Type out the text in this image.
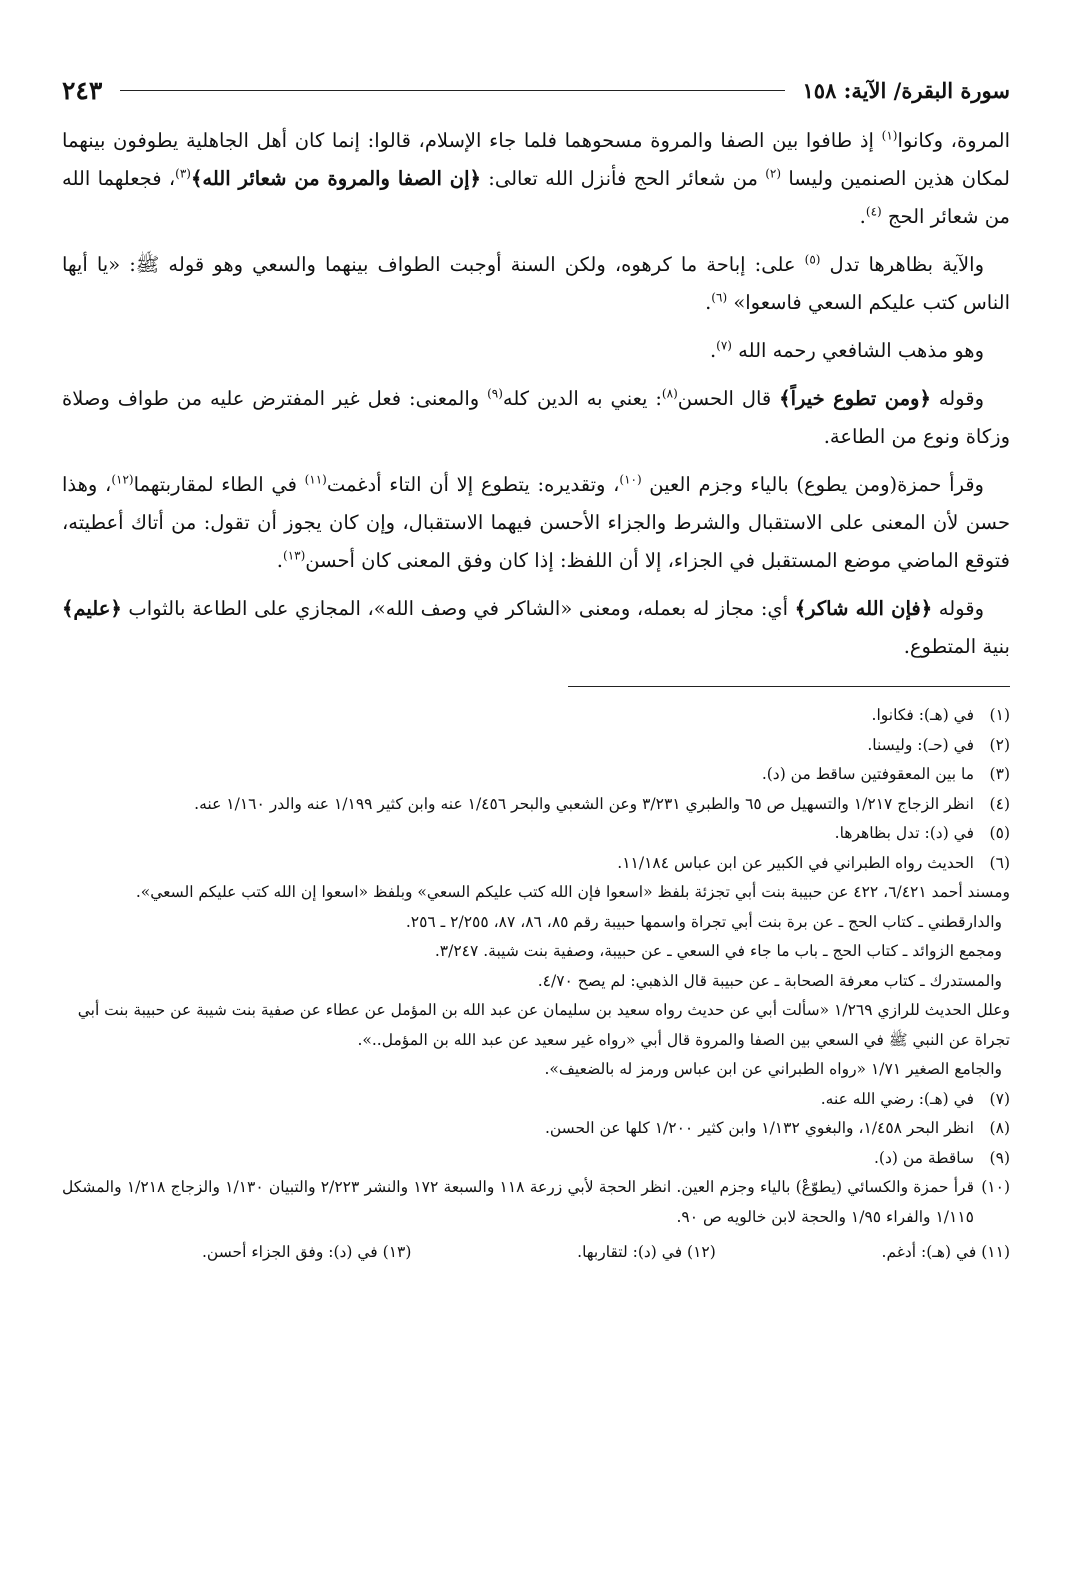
سورة البقرة/ الآية: ١٥٨
٢٤٣

المروة، وكانوا$^{(١)}$ إذ طافوا بين الصفا والمروة مسحوهما فلما جاء الإسلام، قالوا: إنما كان أهل الجاهلية يطوفون بينهما لمكان هذين الصنمين وليسا $^{(٢)}$ من شعائر الحج فأنزل الله تعالى: ﴿إن الصفا والمروة من شعائر الله﴾$^{(٣)}$، فجعلهما الله من شعائر الحج $^{(٤)}$.

والآية بظاهرها تدل $^{(٥)}$ على: إباحة ما كرهوه، ولكن السنة أوجبت الطواف بينهما والسعي وهو قوله ﷺ: «يا أيها الناس كتب عليكم السعي فاسعوا» $^{(٦)}$.

وهو مذهب الشافعي رحمه الله $^{(٧)}$.

وقوله ﴿ومن تطوع خيراً﴾ قال الحسن$^{(٨)}$: يعني به الدين كله$^{(٩)}$ والمعنى: فعل غير المفترض عليه من طواف وصلاة وزكاة ونوع من الطاعة.

وقرأ حمزة(ومن يطوع) بالياء وجزم العين $^{(١٠)}$، وتقديره: يتطوع إلا أن التاء أدغمت$^{(١١)}$ في الطاء لمقاربتهما$^{(١٢)}$، وهذا حسن لأن المعنى على الاستقبال والشرط والجزاء الأحسن فيهما الاستقبال، وإن كان يجوز أن تقول: من أتاك أعطيته، فتوقع الماضي موضع المستقبل في الجزاء، إلا أن اللفظ: إذا كان وفق المعنى كان أحسن$^{(١٣)}$.

وقوله ﴿فإن الله شاكر﴾ أي: مجاز له بعمله، ومعنى «الشاكر في وصف الله»، المجازي على الطاعة بالثواب ﴿عليم﴾ بنية المتطوع.

(١)
في (هـ): فكانوا.
(٢)
في (حـ): وليسنا.
(٣)
ما بين المعقوفتين ساقط من (د).
(٤)
انظر الزجاج ١/٢١٧ والتسهيل ص ٦٥ والطبري ٣/٢٣١ وعن الشعبي والبحر ١/٤٥٦ عنه وابن كثير ١/١٩٩ عنه والدر ١/١٦٠ عنه.
(٥)
في (د): تدل بظاهرها.
(٦)
الحديث رواه الطبراني في الكبير عن ابن عباس ١١/١٨٤.
ومسند أحمد ٦/٤٢١، ٤٢٢ عن حبيبة بنت أبي تجزئة بلفظ «اسعوا فإن الله كتب عليكم السعي» وبلفظ «اسعوا إن الله كتب عليكم السعي».
والدارقطني ـ كتاب الحج ـ عن برة بنت أبي تجراة واسمها حبيبة رقم ٨٥، ٨٦، ٨٧، ٢/٢٥٥ ـ ٢٥٦.
ومجمع الزوائد ـ كتاب الحج ـ باب ما جاء في السعي ـ عن حبيبة، وصفية بنت شيبة. ٣/٢٤٧.
والمستدرك ـ كتاب معرفة الصحابة ـ عن حبيبة قال الذهبي: لم يصح ٤/٧٠.
وعلل الحديث للرازي ١/٢٦٩ «سألت أبي عن حديث رواه سعيد بن سليمان عن عبد الله بن المؤمل عن عطاء عن صفية بنت شيبة عن حبيبة بنت أبي تجراة عن النبي ﷺ في السعي بين الصفا والمروة قال أبي «رواه غير سعيد عن عبد الله بن المؤمل..».
والجامع الصغير ١/٧١ «رواه الطبراني عن ابن عباس ورمز له بالضعيف».
(٧)
في (هـ): رضي الله عنه.
(٨)
انظر البحر ١/٤٥٨، والبغوي ١/١٣٢ وابن كثير ١/٢٠٠ كلها عن الحسن.
(٩)
ساقطة من (د).
(١٠)
قرأ حمزة والكسائي (يطوّعْ) بالياء وجزم العين. انظر الحجة لأبي زرعة ١١٨ والسبعة ١٧٢ والنشر ٢/٢٢٣ والتبيان ١/١٣٠ والزجاج ١/٢١٨ والمشكل ١/١١٥ والفراء ١/٩٥ والحجة لابن خالويه ص ٩٠.
(١١) في (هـ): أدغم.
(١٢) في (د): لتقاربها.
(١٣) في (د): وفق الجزاء أحسن.
